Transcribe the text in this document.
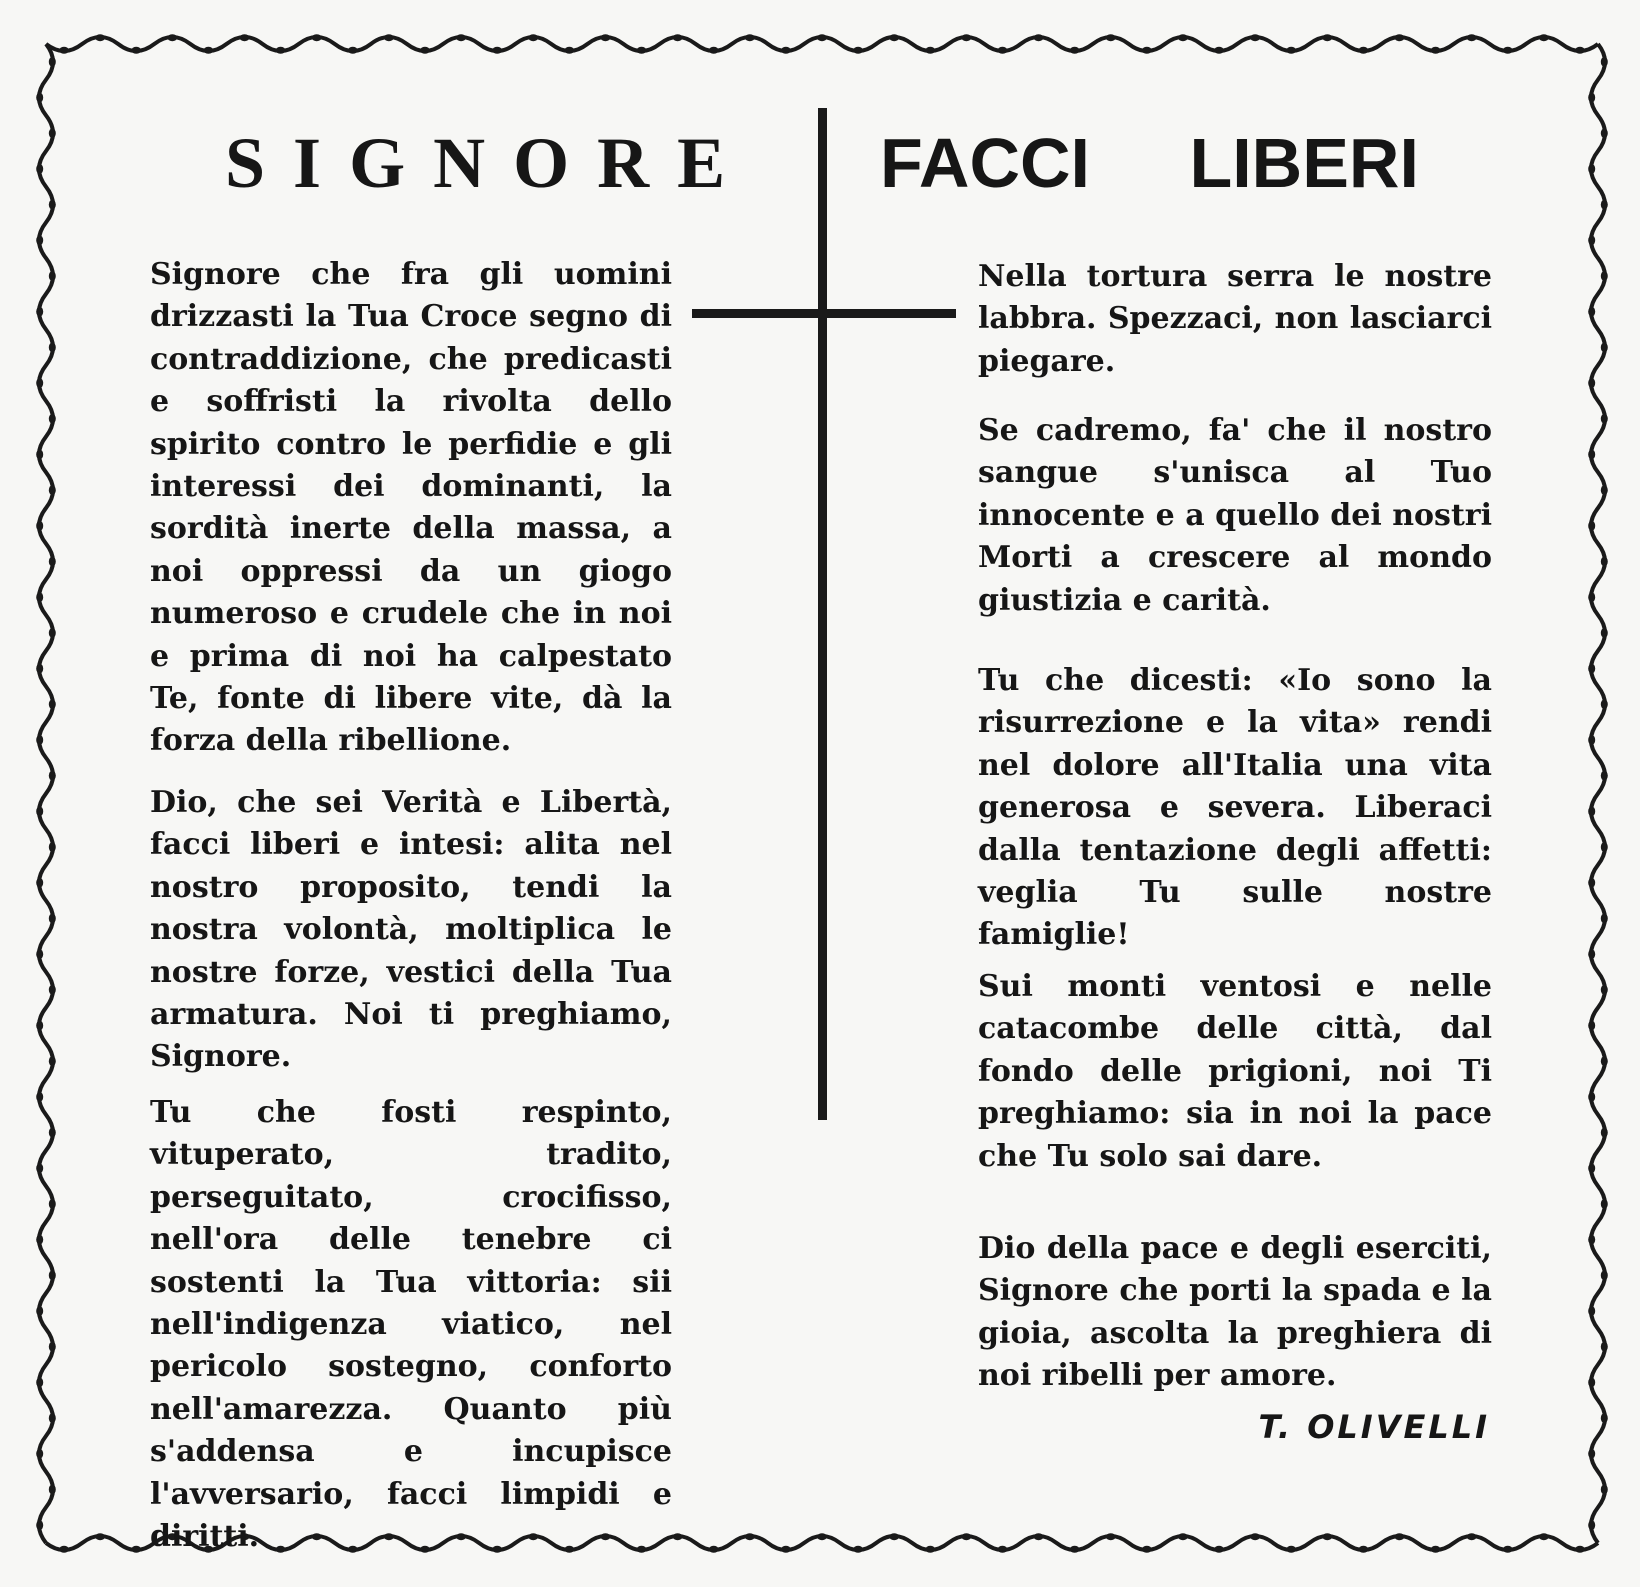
SIGNORE	FACCI LIBERI

Signore che fra gli uomini drizzasti la Tua Croce segno di contraddizione, che predicasti e soffristi la rivolta dello spirito contro le perfidie e gli interessi dei dominanti, la sordità inerte della massa, a noi oppressi da un giogo numeroso e crudele che in noi e prima di noi ha calpestato Te, fonte di libere vite, dà la forza della ribellione.

Dio, che sei Verità e Libertà, facci liberi e intesi: alita nel nostro proposito, tendi la nostra volontà, moltiplica le nostre forze, vestici della Tua armatura. Noi ti preghiamo, Signore.

Tu che fosti respinto, vituperato, tradito, perseguitato, crocifisso, nell'ora delle tenebre ci sostenti la Tua vittoria: sii nell'indigenza viatico, nel pericolo sostegno, conforto nell'amarezza. Quanto più s'addensa e incupisce l'avversario, facci limpidi e diritti.

Nella tortura serra le nostre labbra. Spezzaci, non lasciarci piegare.

Se cadremo, fa' che il nostro sangue s'unisca al Tuo innocente e a quello dei nostri Morti a crescere al mondo giustizia e carità.

Tu che dicesti: «Io sono la risurrezione e la vita» rendi nel dolore all'Italia una vita generosa e severa. Liberaci dalla tentazione degli affetti: veglia Tu sulle nostre famiglie!

Sui monti ventosi e nelle catacombe delle città, dal fondo delle prigioni, noi Ti preghiamo: sia in noi la pace che Tu solo sai dare.

Dio della pace e degli eserciti, Signore che porti la spada e la gioia, ascolta la preghiera di noi ribelli per amore.

T. OLIVELLI
